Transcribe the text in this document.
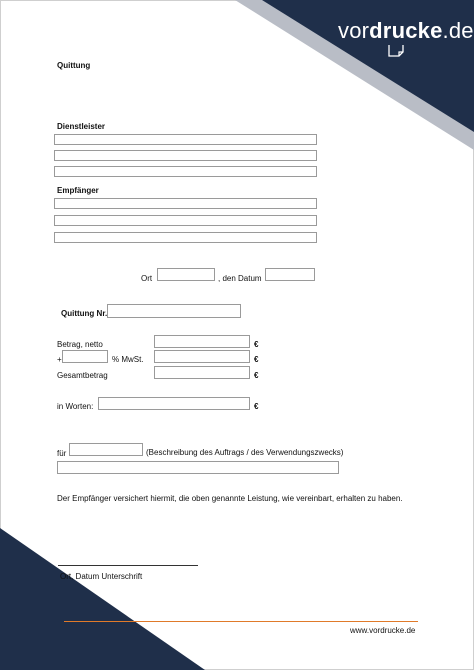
vordrucke.de
Quittung
Dienstleister
Empfänger
Ort	, den Datum
Quittung Nr.
Betrag, netto	€
+	% MwSt.	€
Gesamtbetrag	€
in Worten:	€
für	(Beschreibung des Auftrags / des Verwendungszwecks)
Der Empfänger versichert hiermit, die oben genannte Leistung, wie vereinbart, erhalten zu haben.
Ort, Datum Unterschrift
www.vordrucke.de
